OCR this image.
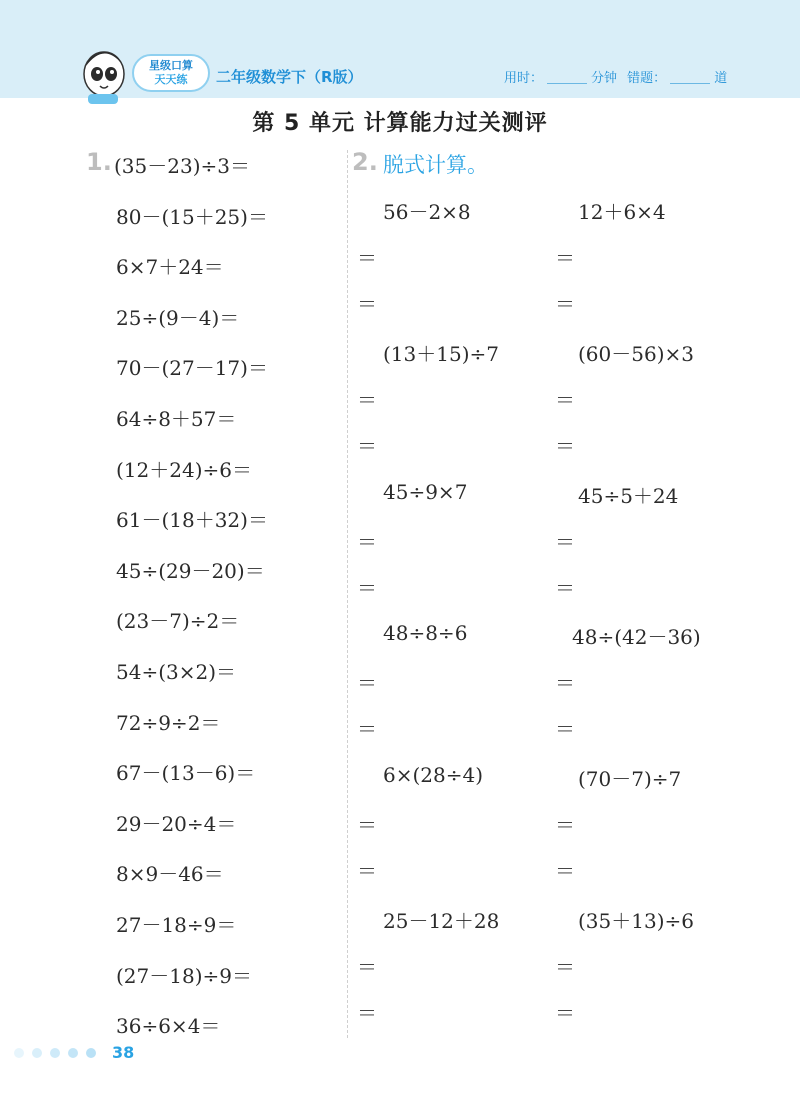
星级口算
天天练	二年级数学下（R版）	用时：	分钟 错题：	道
第 5 单元 计算能力过关测评
1. (35－23)÷3＝
80－(15＋25)＝
6×7＋24＝
25÷(9－4)＝
70－(27－17)＝
64÷8＋57＝
(12＋24)÷6＝
61－(18＋32)＝
45÷(29－20)＝
(23－7)÷2＝
54÷(3×2)＝
72÷9÷2＝
67－(13－6)＝
29－20÷4＝
8×9－46＝
27－18÷9＝
(27－18)÷9＝
36÷6×4＝
2. 脱式计算。
56－2×8
＝
＝
12＋6×4
＝
＝
(13＋15)÷7
＝
＝
(60－56)×3
＝
＝
45÷9×7
＝
＝
45÷5＋24
＝
＝
48÷8÷6
＝
＝
48÷(42－36)
＝
＝
6×(28÷4)
＝
＝
(70－7)÷7
＝
＝
25－12＋28
＝
＝
(35＋13)÷6
＝
＝
38
